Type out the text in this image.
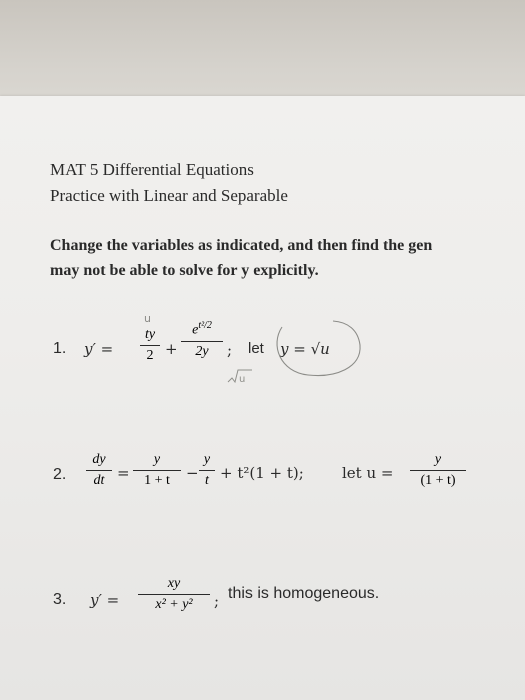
MAT 5 Differential Equations
Practice with Linear and Separable
Change the variables as indicated, and then find the gen
may not be able to solve for y explicitly.
1. y′ =
ty
2 +
$e^{t^2/2}$
2y	; let y = √u
2.
dy
dt =
y
1 + t	−
y
t + t²(1 + t);	let u =
y
(1 + t)
3. y′ =
xy
x² + y²	; this is homogeneous.
u
u
